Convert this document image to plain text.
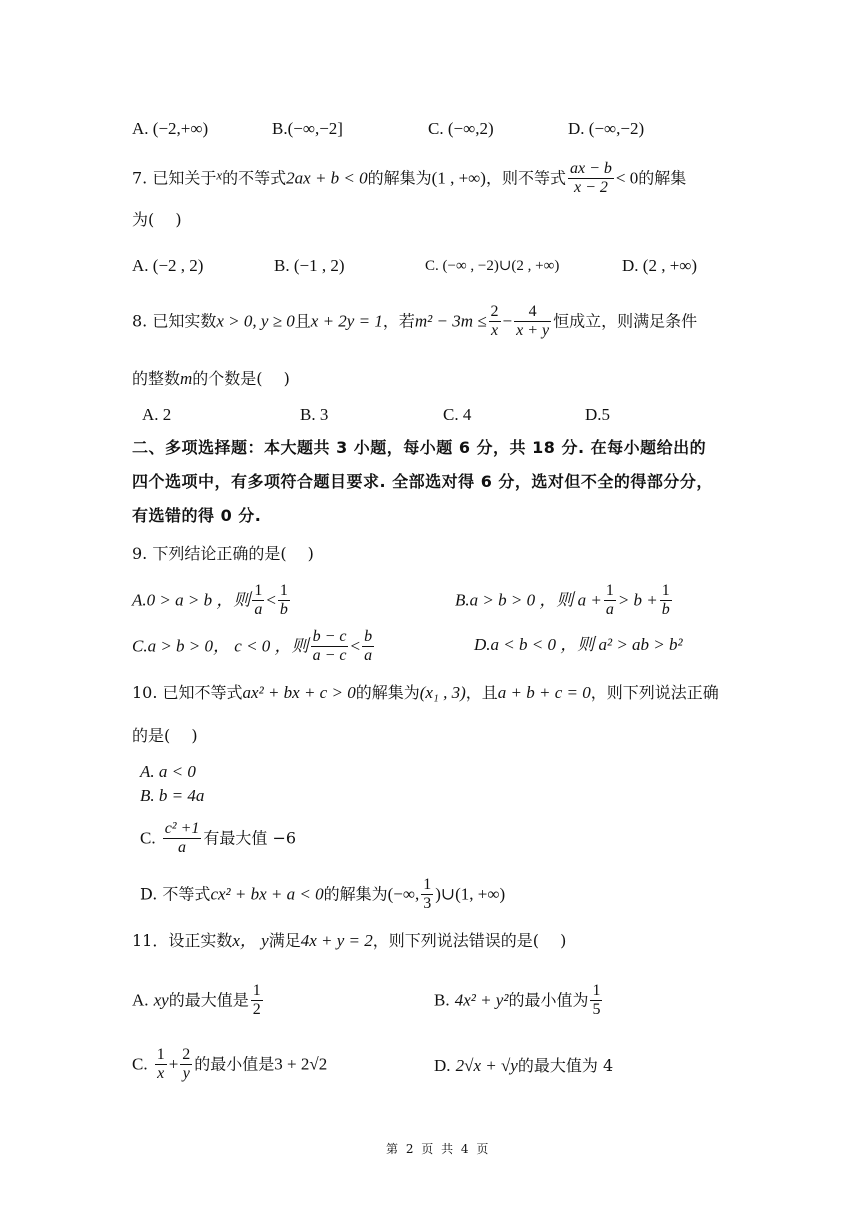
A. (−2,+∞)	B.(−∞,−2]	C. (−∞,2)	D. (−∞,−2)
7. 已知关于$^x$的不等式2ax + b < 0的解集为(1 , +∞)，则不等式 $\frac{ax - b}{x - 2} < 0$的解集
为(　 )
A. (−2 , 2)	B. (−1 , 2)	C. (−∞ , −2)∪(2 , +∞)	D. (2 , +∞)
8. 已知实数x > 0, y ≥ 0且x + 2y = 1，若$m^2 - 3m \le \frac{2}{x} - \frac{4}{x + y}$ 恒成立，则满足条件
的整数m的个数是(　 )
A. 2	B. 3	C. 4	D.5
二、多项选择题：本大题共 3 小题，每小题 6 分，共 18 分. 在每小题给出的
四个选项中，有多项符合题目要求. 全部选对得 6 分，选对但不全的得部分分，
有选错的得 0 分.
9. 下列结论正确的是(　 )
A.0 > a > b ，则 $\frac{1}{a} < \frac{1}{b}$	B.a > b > 0 ，则 $a + \frac{1}{a} > b + \frac{1}{b}$
C.a > b > 0， c < 0 ，则 $\frac{b - c}{a - c} < \frac{b}{a}$	D.a < b < 0 ，则 a² > ab > b²
10. 已知不等式ax² + bx + c > 0的解集为(x₁ , 3)，且a + b + c = 0，则下列说法正确
的是(　 )
A. a < 0
B. b = 4a
C. $\frac{\text{c² +1}}{a}$ 有最大值 −6
D. 不等式cx² + bx + a < 0的解集为(−∞, $\frac{1}{3}$ )∪(1, +∞)
11．设正实数x， y满足4x + y = 2，则下列说法错误的是(　 )
A. xy的最大值是 $\frac{1}{2}$	B. 4x² + y²的最小值为 $\frac{1}{5}$
C. $\frac{1}{x} + \frac{2}{y}$ 的最小值是3 + 2√2	D. 2√x + √y的最大值为 4
第 2 页 共 4 页
